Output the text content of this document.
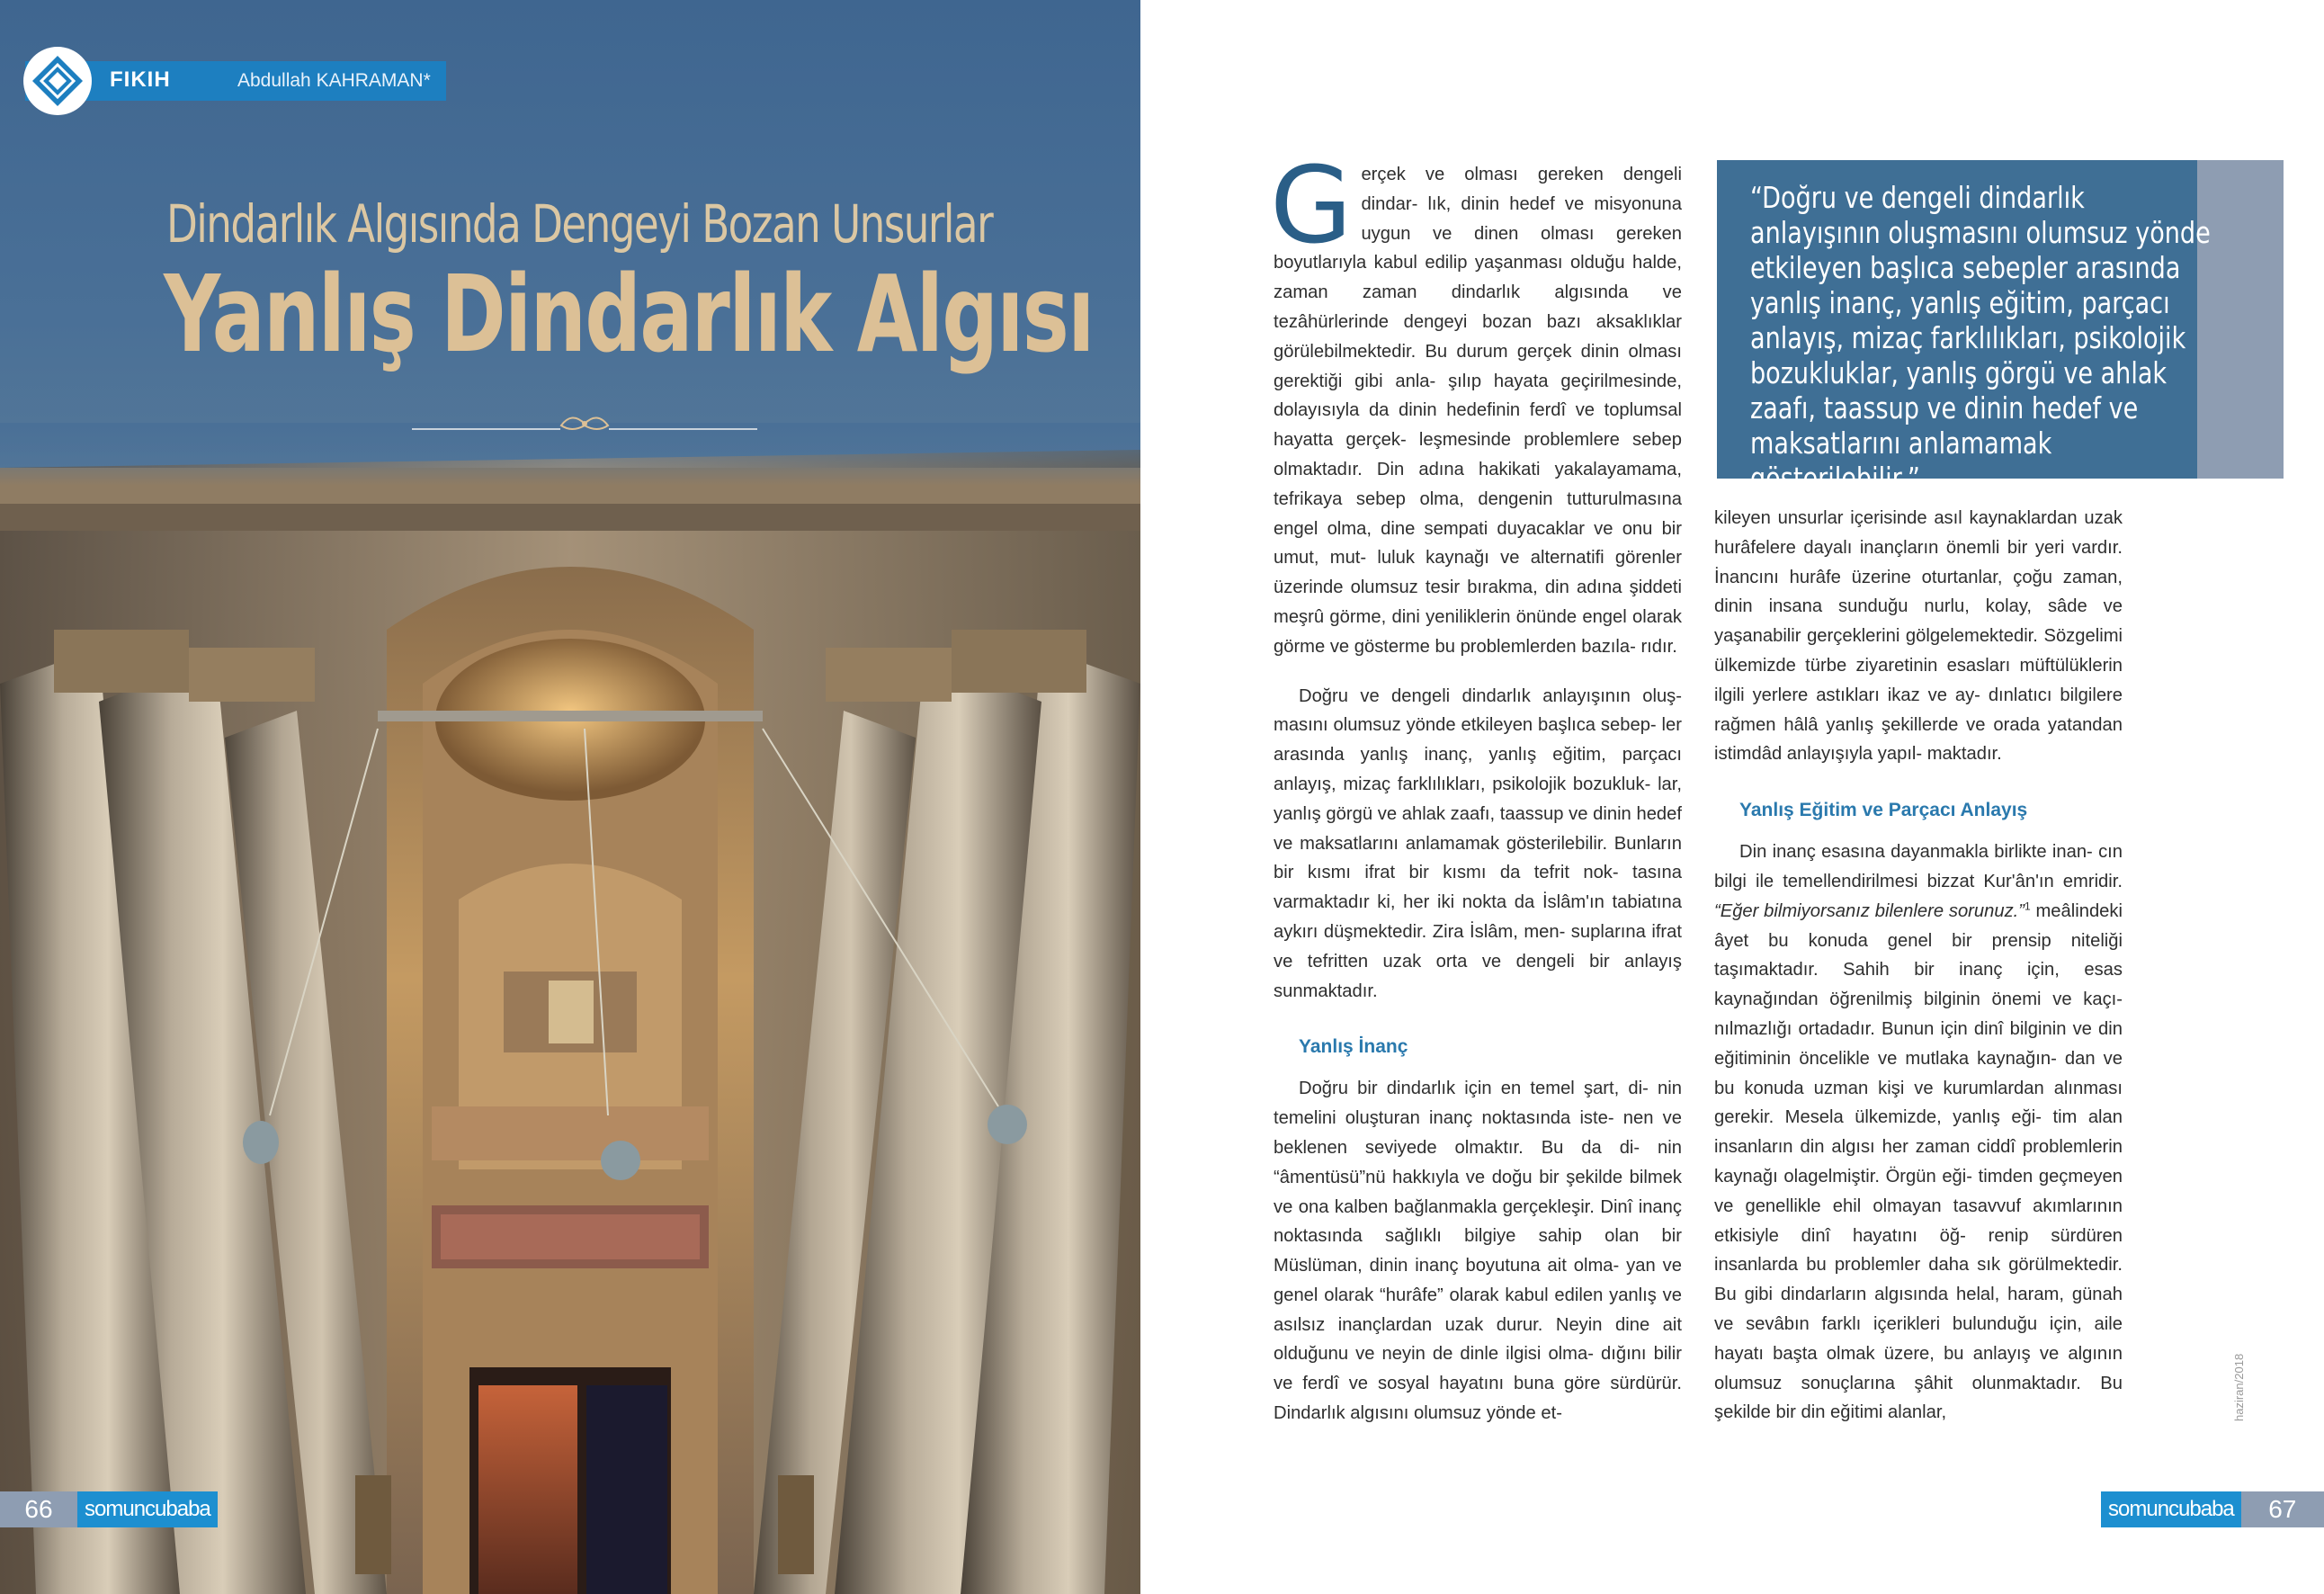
FIKIH	Abdullah KAHRAMAN*
Dindarlık Algısında Dengeyi Bozan Unsurlar
Yanlış Dindarlık Algısı
66	somuncubaba

Gerçek ve olması gereken dengeli dindar- lık, dinin hedef ve misyonuna uygun ve dinen olması gereken boyutlarıyla kabul edilip yaşanması olduğu halde, zaman zaman dindarlık algısında ve tezâhürlerinde dengeyi bozan bazı aksaklıklar görülebilmektedir. Bu durum gerçek dinin olması gerektiği gibi anla- şılıp hayata geçirilmesinde, dolayısıyla da dinin hedefinin ferdî ve toplumsal hayatta gerçek- leşmesinde problemlere sebep olmaktadır. Din adına hakikati yakalayamama, tefrikaya sebep olma, dengenin tutturulmasına engel olma, dine sempati duyacaklar ve onu bir umut, mut- luluk kaynağı ve alternatifi görenler üzerinde olumsuz tesir bırakma, din adına şiddeti meşrû görme, dini yeniliklerin önünde engel olarak görme ve gösterme bu problemlerden bazıla- rıdır.

Doğru ve dengeli dindarlık anlayışının oluş- masını olumsuz yönde etkileyen başlıca sebep- ler arasında yanlış inanç, yanlış eğitim, parçacı anlayış, mizaç farklılıkları, psikolojik bozukluk- lar, yanlış görgü ve ahlak zaafı, taassup ve dinin hedef ve maksatlarını anlamamak gösterilebilir. Bunların bir kısmı ifrat bir kısmı da tefrit nok- tasına varmaktadır ki, her iki nokta da İslâm'ın tabiatına aykırı düşmektedir. Zira İslâm, men- suplarına ifrat ve tefritten uzak orta ve dengeli bir anlayış sunmaktadır.

Yanlış İnanç

Doğru bir dindarlık için en temel şart, di- nin temelini oluşturan inanç noktasında iste- nen ve beklenen seviyede olmaktır. Bu da di- nin “âmentüsü”nü hakkıyla ve doğu bir şekilde bilmek ve ona kalben bağlanmakla gerçekleşir. Dinî inanç noktasında sağlıklı bilgiye sahip olan bir Müslüman, dinin inanç boyutuna ait olma- yan ve genel olarak “hurâfe” olarak kabul edilen yanlış ve asılsız inançlardan uzak durur. Neyin dine ait olduğunu ve neyin de dinle ilgisi olma- dığını bilir ve ferdî ve sosyal hayatını buna göre sürdürür. Dindarlık algısını olumsuz yönde et-

“Doğru ve dengeli dindarlık anlayışının oluşmasını olumsuz yönde etkileyen başlıca sebepler arasında yanlış inanç, yanlış eğitim, parçacı anlayış, mizaç farklılıkları, psikolojik bozukluklar, yanlış görgü ve ahlak zaafı, taassup ve dinin hedef ve maksatlarını anlamamak gösterilebilir.”

kileyen unsurlar içerisinde asıl kaynaklardan uzak hurâfelere dayalı inançların önemli bir yeri vardır. İnancını hurâfe üzerine oturtanlar, çoğu zaman, dinin insana sunduğu nurlu, kolay, sâde ve yaşanabilir gerçeklerini gölgelemektedir. Sözgelimi ülkemizde türbe ziyaretinin esasları müftülüklerin ilgili yerlere astıkları ikaz ve ay- dınlatıcı bilgilere rağmen hâlâ yanlış şekillerde ve orada yatandan istimdâd anlayışıyla yapıl- maktadır.

Yanlış Eğitim ve Parçacı Anlayış

Din inanç esasına dayanmakla birlikte inan- cın bilgi ile temellendirilmesi bizzat Kur'ân'ın emridir. “Eğer bilmiyorsanız bilenlere sorunuz.”$^1$ meâlindeki âyet bu konuda genel bir prensip niteliği taşımaktadır. Sahih bir inanç için, esas kaynağından öğrenilmiş bilginin önemi ve kaçı- nılmazlığı ortadadır. Bunun için dinî bilginin ve din eğitiminin öncelikle ve mutlaka kaynağın- dan ve bu konuda uzman kişi ve kurumlardan alınması gerekir. Mesela ülkemizde, yanlış eği- tim alan insanların din algısı her zaman ciddî problemlerin kaynağı olagelmiştir. Örgün eği- timden geçmeyen ve genellikle ehil olmayan tasavvuf akımlarının etkisiyle dinî hayatını öğ- renip sürdüren insanlarda bu problemler daha sık görülmektedir. Bu gibi dindarların algısında helal, haram, günah ve sevâbın farklı içerikleri bulunduğu için, aile hayatı başta olmak üzere, bu anlayış ve algının olumsuz sonuçlarına şâhit olunmaktadır. Bu şekilde bir din eğitimi alanlar,	haziran/2018
somuncubaba	67
